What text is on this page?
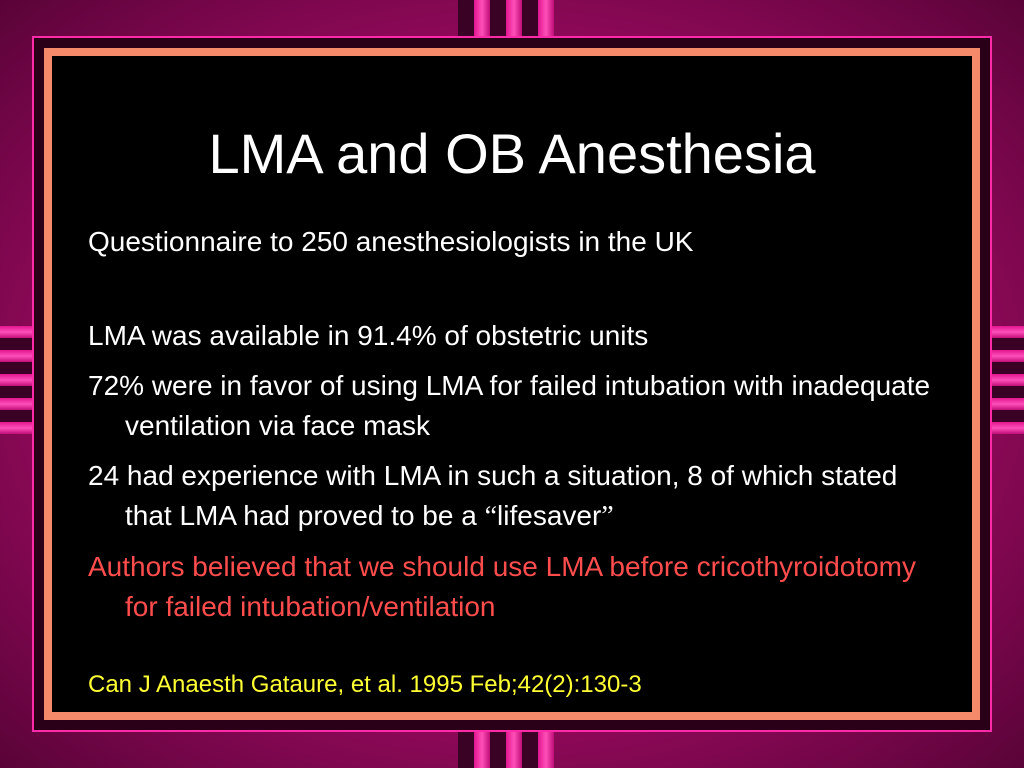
LMA and OB Anesthesia

Questionnaire to 250 anesthesiologists in the UK

LMA was available in 91.4% of obstetric units

72% were in favor of using LMA for failed intubation with inadequate ventilation via face mask

24 had experience with LMA in such a situation, 8 of which stated that LMA had proved to be a “lifesaver”

Authors believed that we should use LMA before cricothyroidotomy for failed intubation/ventilation

Can J Anaesth Gataure, et al. 1995 Feb;42(2):130-3
